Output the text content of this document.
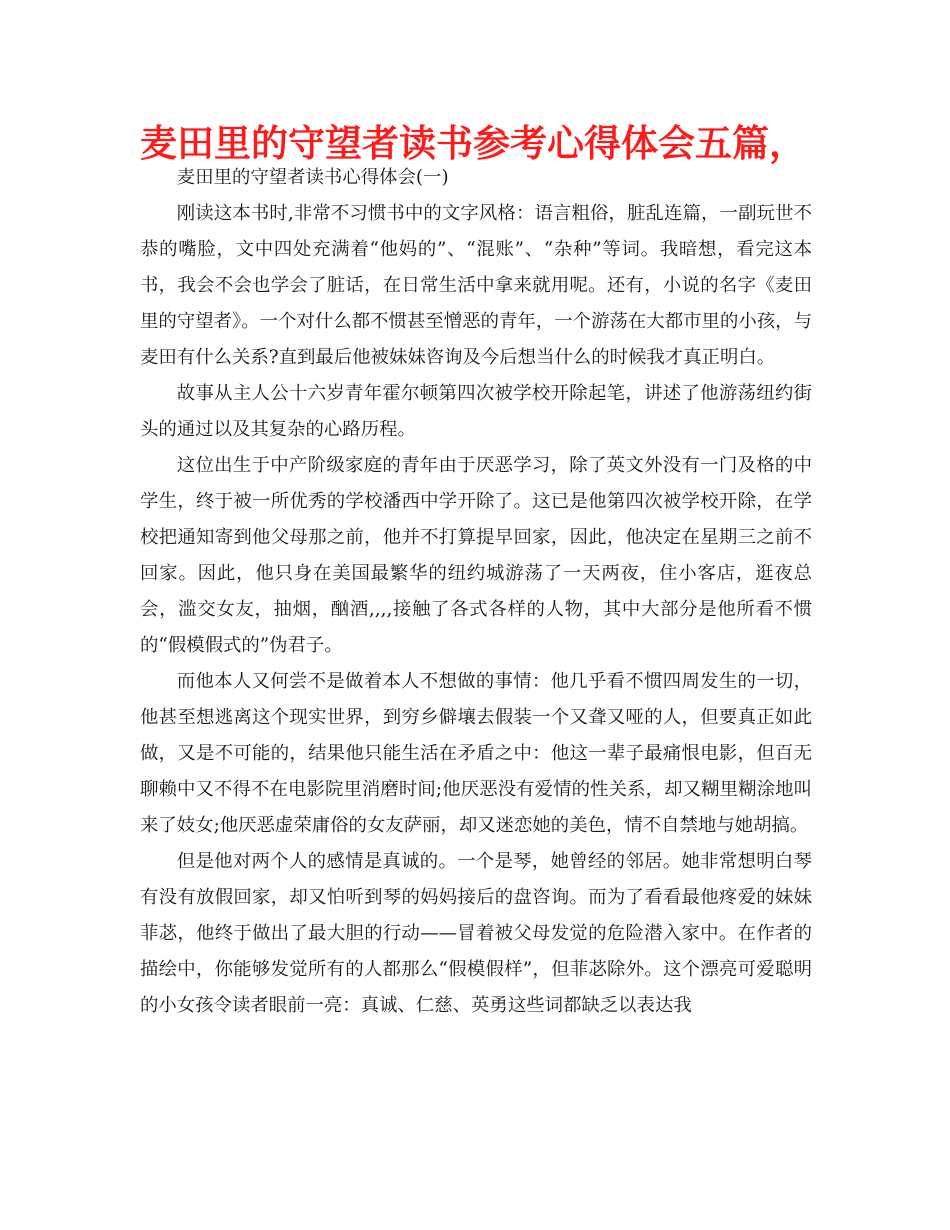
麦田里的守望者读书参考心得体会五篇，

麦田里的守望者读书心得体会(一)

刚读这本书时,非常不习惯书中的文字风格：语言粗俗，脏乱连篇，一副玩世不恭的嘴脸，文中四处充满着“他妈的”、“混账”、“杂种”等词。我暗想，看完这本书，我会不会也学会了脏话，在日常生活中拿来就用呢。还有，小说的名字《麦田里的守望者》。一个对什么都不惯甚至憎恶的青年，一个游荡在大都市里的小孩，与麦田有什么关系?直到最后他被妹妹咨询及今后想当什么的时候我才真正明白。

故事从主人公十六岁青年霍尔顿第四次被学校开除起笔，讲述了他游荡纽约街头的通过以及其复杂的心路历程。

这位出生于中产阶级家庭的青年由于厌恶学习，除了英文外没有一门及格的中学生，终于被一所优秀的学校潘西中学开除了。这已是他第四次被学校开除，在学校把通知寄到他父母那之前，他并不打算提早回家，因此，他决定在星期三之前不回家。因此，他只身在美国最繁华的纽约城游荡了一天两夜，住小客店，逛夜总会，滥交女友，抽烟，酗酒,,,,接触了各式各样的人物，其中大部分是他所看不惯的“假模假式的”伪君子。

而他本人又何尝不是做着本人不想做的事情：他几乎看不惯四周发生的一切，他甚至想逃离这个现实世界，到穷乡僻壤去假装一个又聋又哑的人，但要真正如此做，又是不可能的，结果他只能生活在矛盾之中：他这一辈子最痛恨电影，但百无聊赖中又不得不在电影院里消磨时间;他厌恶没有爱情的性关系，却又糊里糊涂地叫来了妓女;他厌恶虚荣庸俗的女友萨丽，却又迷恋她的美色，情不自禁地与她胡搞。

但是他对两个人的感情是真诚的。一个是琴，她曾经的邻居。她非常想明白琴有没有放假回家，却又怕听到琴的妈妈接后的盘咨询。而为了看看最他疼爱的妹妹菲苾，他终于做出了最大胆的行动——冒着被父母发觉的危险潜入家中。在作者的描绘中，你能够发觉所有的人都那么“假模假样”，但菲苾除外。这个漂亮可爱聪明的小女孩令读者眼前一亮：真诚、仁慈、英勇这些词都缺乏以表达我
